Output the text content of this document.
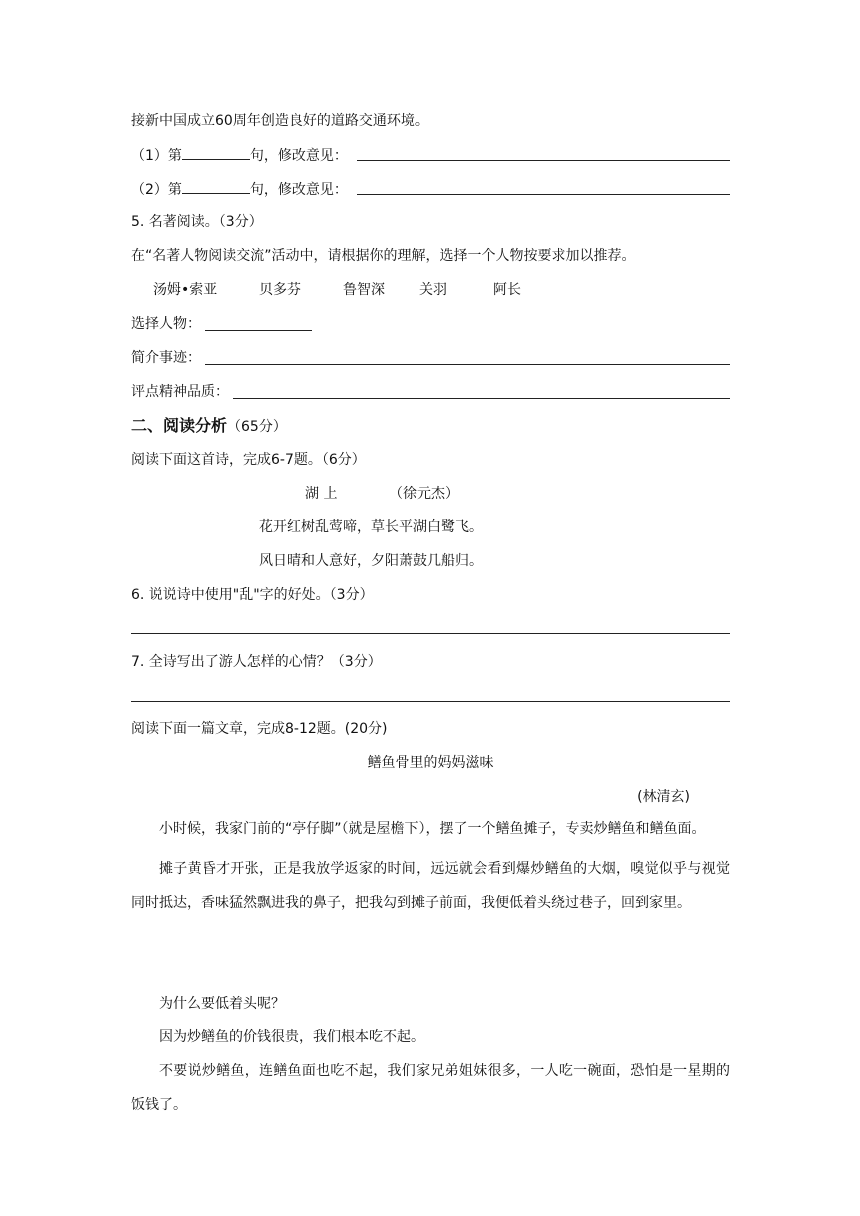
接新中国成立60周年创造良好的道路交通环境。
（1）第	句，修改意见：
（2）第	句，修改意见：
5. 名著阅读。（3分）
在“名著人物阅读交流”活动中，请根据你的理解，选择一个人物按要求加以推荐。
汤姆•索亚	贝多芬	鲁智深 关羽	阿长
选择人物：
简介事迹：
评点精神品质：
二、阅读分析（65分）
阅读下面这首诗，完成6-7题。（6分）
湖 上	（徐元杰）
花开红树乱莺啼，草长平湖白鹭飞。
风日晴和人意好，夕阳萧鼓几船归。
6. 说说诗中使用"乱"字的好处。（3分）
7. 全诗写出了游人怎样的心情？（3分）
阅读下面一篇文章，完成8-12题。(20分)
鳝鱼骨里的妈妈滋味
(林清玄)
小时候，我家门前的“亭仔脚”（就是屋檐下），摆了一个鳝鱼摊子，专卖炒鳝鱼和鳝鱼面。
摊子黄昏才开张，正是我放学返家的时间，远远就会看到爆炒鳝鱼的大烟，嗅觉似乎与视觉同时抵达，香味猛然飘进我的鼻子，把我勾到摊子前面，我便低着头绕过巷子，回到家里。
为什么要低着头呢？
因为炒鳝鱼的价钱很贵，我们根本吃不起。
不要说炒鳝鱼，连鳝鱼面也吃不起，我们家兄弟姐妹很多，一人吃一碗面，恐怕是一星期的饭钱了。
